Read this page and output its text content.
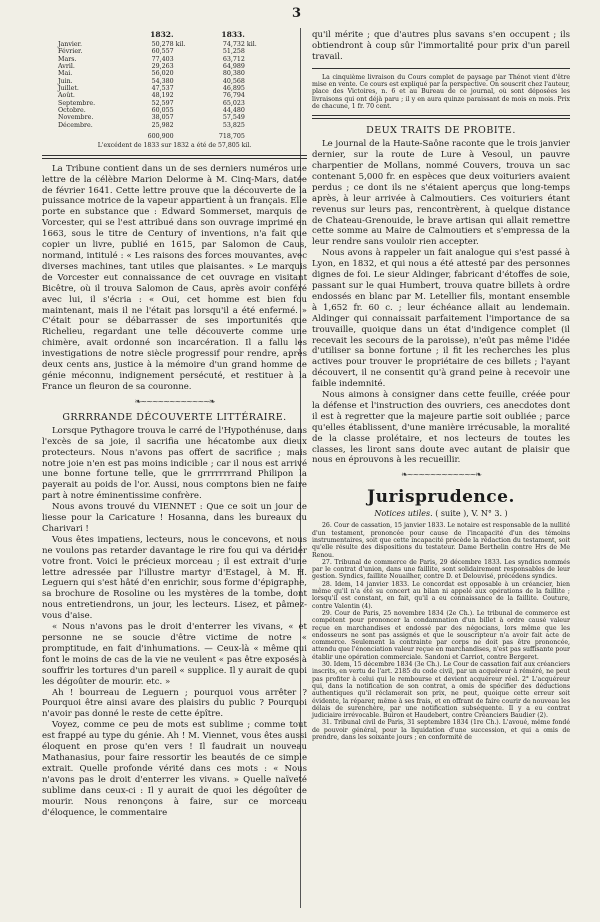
3
	1832.		1833.	
Janvier.	50,278	kil.	74,732	kil.
Février.	60,557		51,258	
Mars.	77,403		63,712	
Avril.	29,263		64,989	
Mai.	56,020		80,380	
Juin.	54,380		40,568	
Juillet.	47,537		46,895	
Août.	48,192		76,794	
Septembre.	52,597		65,023	
Octobre.	60,055		44,480	
Novembre.	38,057		57,549	
Décembre.	25,982		53,825	
	600,900		718,705	

L'excédent de 1833 sur 1832 a été de 57,805 kil.

La Tribune contient dans un de ses derniers numéros une lettre de la célèbre Marion Delorme à M. Cinq-Mars, datée de février 1641. Cette lettre prouve que la découverte de la puissance motrice de la vapeur appartient à un français. Elle porte en substance que : Edward Sommerset, marquis de Vorcester, qui se l'est attribué dans son ouvrage imprimé en 1663, sous le titre de Century of inventions, n'a fait que copier un livre, publié en 1615, par Salomon de Caus, normand, intitulé : « Les raisons des forces mouvantes, avec diverses machines, tant utiles que plaisantes. » Le marquis de Vorcester eut connaissance de cet ouvrage en visitant Bicêtre, où il trouva Salomon de Caus, après avoir conféré avec lui, il s'écria : « Oui, cet homme est bien fou maintenant, mais il ne l'était pas lorsqu'il a été enfermé. » C'était pour se débarrasser de ses importunités que Richelieu, regardant une telle découverte comme une chimère, avait ordonné son incarcération. Il a fallu les investigations de notre siècle progressif pour rendre, après deux cents ans, justice à la mémoire d'un grand homme de génie méconnu, indignement persécuté, et restituer à la France un fleuron de sa couronne.

❧~~~~~~~~~~~~❧
GRRRRANDE DÉCOUVERTE LITTÉRAIRE.

Lorsque Pythagore trouva le carré de l'Hypothénuse, dans l'excès de sa joie, il sacrifia une hécatombe aux dieux protecteurs. Nous n'avons pas offert de sacrifice ; mais notre joie n'en est pas moins indicible ; car il nous est arrivé une bonne fortune telle, que le grrrrrrrrand Philipon la payerait au poids de l'or. Aussi, nous comptons bien ne faire part à notre éminentissime confrère.

Nous avons trouvé du VIENNET : Que ce soit un jour de liesse pour la Caricature ! Hosanna, dans les bureaux du Charivari !

Vous êtes impatiens, lecteurs, nous le concevons, et nous ne voulons pas retarder davantage le rire fou qui va déridér votre front. Voici le précieux morceau ; il est extrait d'une lettre adressée par l'illustre martyr d'Estagel, à M. H. Leguern qui s'est hâté d'en enrichir, sous forme d'épigraphe, sa brochure de Rosoline ou les mystères de la tombe, dont nous entretiendrons, un jour, les lecteurs. Lisez, et pâmez-vous d'aise.

« Nous n'avons pas le droit d'enterrer les vivans, « et personne ne se soucie d'être victime de notre « promptitude, en fait d'inhumations. — Ceux-là « même qui font le moins de cas de la vie ne veulent « pas être exposés à souffrir les tortures d'un pareil « supplice. Il y aurait de quoi les dégoûter de mourir. etc. »

Ah ! bourreau de Leguern ; pourquoi vous arrêter ? Pourquoi être ainsi avare des plaisirs du public ? Pourquoi n'avoir pas donné le reste de cette épître.

Voyez, comme ce peu de mots est sublime ; comme tout est frappé au type du génie. Ah ! M. Viennet, vous êtes aussi éloquent en prose qu'en vers ! Il faudrait un nouveau Mathanasius, pour faire ressortir les beautés de ce simple extrait. Quelle profonde vérité dans ces mots : « Nous n'avons pas le droit d'enterrer les vivans. » Quelle naïveté sublime dans ceux-ci : Il y aurait de quoi les dégoûter de mourir. Nous renonçons à faire, sur ce morceau d'éloquence, le commentaire

qu'il mérite ; que d'autres plus savans s'en occupent ; ils obtiendront à coup sûr l'immortalité pour prix d'un pareil travail.

La cinquième livraison du Cours complet de paysage par Thénot vient d'être mise en vente. Ce cours est expliqué par la perspective. On souscrit chez l'auteur, place des Victoires, n. 6 et au Bureau de ce journal, où sont déposées les livraisons qui ont déjà paru ; il y en aura quinze paraissant de mois en mois. Prix de chacune, 1 fr. 70 cent.

DEUX TRAITS DE PROBITE.

Le journal de la Haute-Saône raconte que le trois janvier dernier, sur la route de Lure à Vesoul, un pauvre charpentier de Mollans, nommé Couvers, trouva un sac contenant 5,000 fr. en espèces que deux voituriers avaient perdus ; ce dont ils ne s'étaient aperçus que long-temps après, à leur arrivée à Calmoutiers. Ces voituriers étant revenus sur leurs pas, rencontrèrent, à quelque distance de Chateau-Grenouide, le brave artisan qui allait remettre cette somme au Maire de Calmoutiers et s'empressa de la leur rendre sans vouloir rien accepter.

Nous avons à rappeler un fait analogue qui s'est passé à Lyon, en 1832, et qui nous a été attesté par des personnes dignes de foi. Le sieur Aldinger, fabricant d'étoffes de soie, passant sur le quai Humbert, trouva quatre billets à ordre endossés en blanc par M. Letellier fils, montant ensemble à 1,652 fr. 60 c. ; leur échéance allait au lendemain. Aldinger qui connaissait parfaitement l'importance de sa trouvaille, quoique dans un état d'indigence complet (il recevait les secours de la paroisse), n'eût pas même l'idée d'utiliser sa bonne fortune ; il fit les recherches les plus actives pour trouver le propriétaire de ces billets ; l'ayant découvert, il ne consentit qu'à grand peine à recevoir une faible indemnité.

Nous aimons à consigner dans cette feuille, créée pour la défense et l'instruction des ouvriers, ces anecdotes dont il est à regretter que la majeure partie soit oubliée ; parce qu'elles établissent, d'une manière irrécusable, la moralité de la classe prolétaire, et nos lecteurs de toutes les classes, les liront sans doute avec autant de plaisir que nous en éprouvons à les recueillir.

❧~~~~~~~~~~~~❧
Jurisprudence.
Notices utiles. ( suite ), V. N° 3. )

26. Cour de cassation, 15 janvier 1833. Le notaire est responsable de la nullité d'un testament, prononcée pour cause de l'incapacité d'un des témoins instrumentaires, soit que cette incapacité précède la rédaction du testament, soit qu'elle résulte des dispositions du testateur. Dame Berthelin contre Hrs de Me Renou.

27. Tribunal de commerce de Paris, 29 décembre 1833. Les syndics nommés par le contrat d'union, dans une faillite, sont solidairement responsables de leur gestion. Syndics, faillite Nouailher, contre D. et Delouvisé, précédens syndics.

28. Idem, 14 janvier 1833. Le concordat est opposable à un créancier, bien même qu'il n'a été su concert au bilan ni appelé aux opérations de la faillite ; lorsqu'il est constant, en fait, qu'il a eu connaissance de la faillite. Couture, contre Valentin (4).

29. Cour de Paris, 25 novembre 1834 (2e Ch.). Le tribunal de commerce est compétent pour prononcer la condamnation d'un billet à ordre causé valeur reçue en marchandises et endossé par des négocians, lors même que les endosseurs ne sont pas assignés et que le souscripteur n'a avoir fait acte de commerce. Seulement la contrainte par corps ne doit pas être prononcée, attendu que l'énonciation valeur reçue en marchandises, n'est pas suffisante pour établir une opération commerciale. Sandoni et Carriot, contre Bergeret.

30. Idem, 15 décembre 1834 (3e Ch.). Le Cour de cassation fait aux créanciers inscrits, en vertu de l'art. 2185 du code civil, par un acquéreur à réméré, ne peut pas profiter à celui qui le rembourse et devient acquéreur réel. 2° L'acquéreur qui, dans la notification de son contrat, a omis de spécifier des déductions authentiques qu'il réclamerait son prix, ne peut, quoique cette erreur soit évidente, la réparer, même à ses frais, et en offrant de faire courir de nouveau les délais de surenchère, par une notification subséquente. Il y a eu contrat judiciaire irrévocable. Buiron et Haudebert, contre Créanciers Baudier (2).

31. Tribunal civil de Paris, 31 septembre 1834 (1re Ch.). L'avoué, même fondé de pouvoir général, pour la liquidation d'une succession, et qui a omis de prendre, dans les soixante jours ; en conformité de
